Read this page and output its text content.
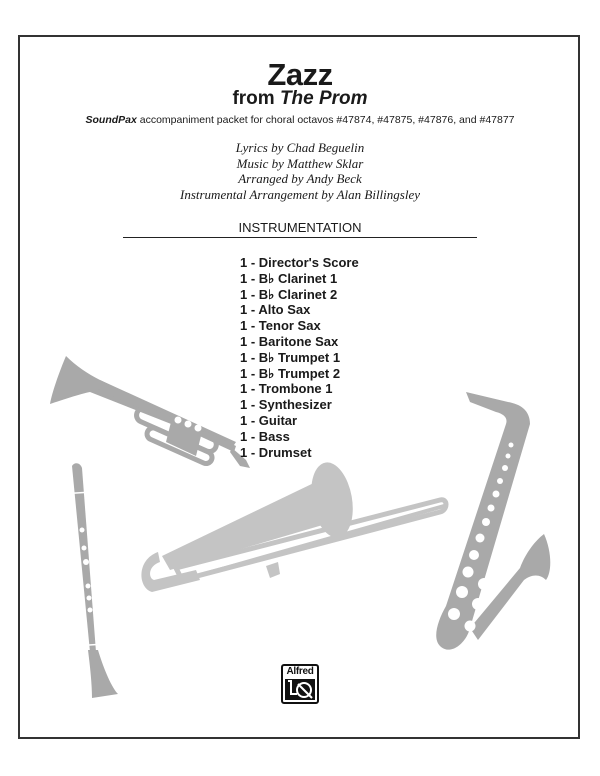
Zazz
from The Prom
SoundPax accompaniment packet for choral octavos #47874, #47875, #47876, and #47877
Lyrics by Chad Beguelin
Music by Matthew Sklar
Arranged by Andy Beck
Instrumental Arrangement by Alan Billingsley
INSTRUMENTATION
1 - Director's Score
1 - B♭ Clarinet 1
1 - B♭ Clarinet 2
1 - Alto Sax
1 - Tenor Sax
1 - Baritone Sax
1 - B♭ Trumpet 1
1 - B♭ Trumpet 2
1 - Trombone 1
1 - Synthesizer
1 - Guitar
1 - Bass
1 - Drumset
Alfred
